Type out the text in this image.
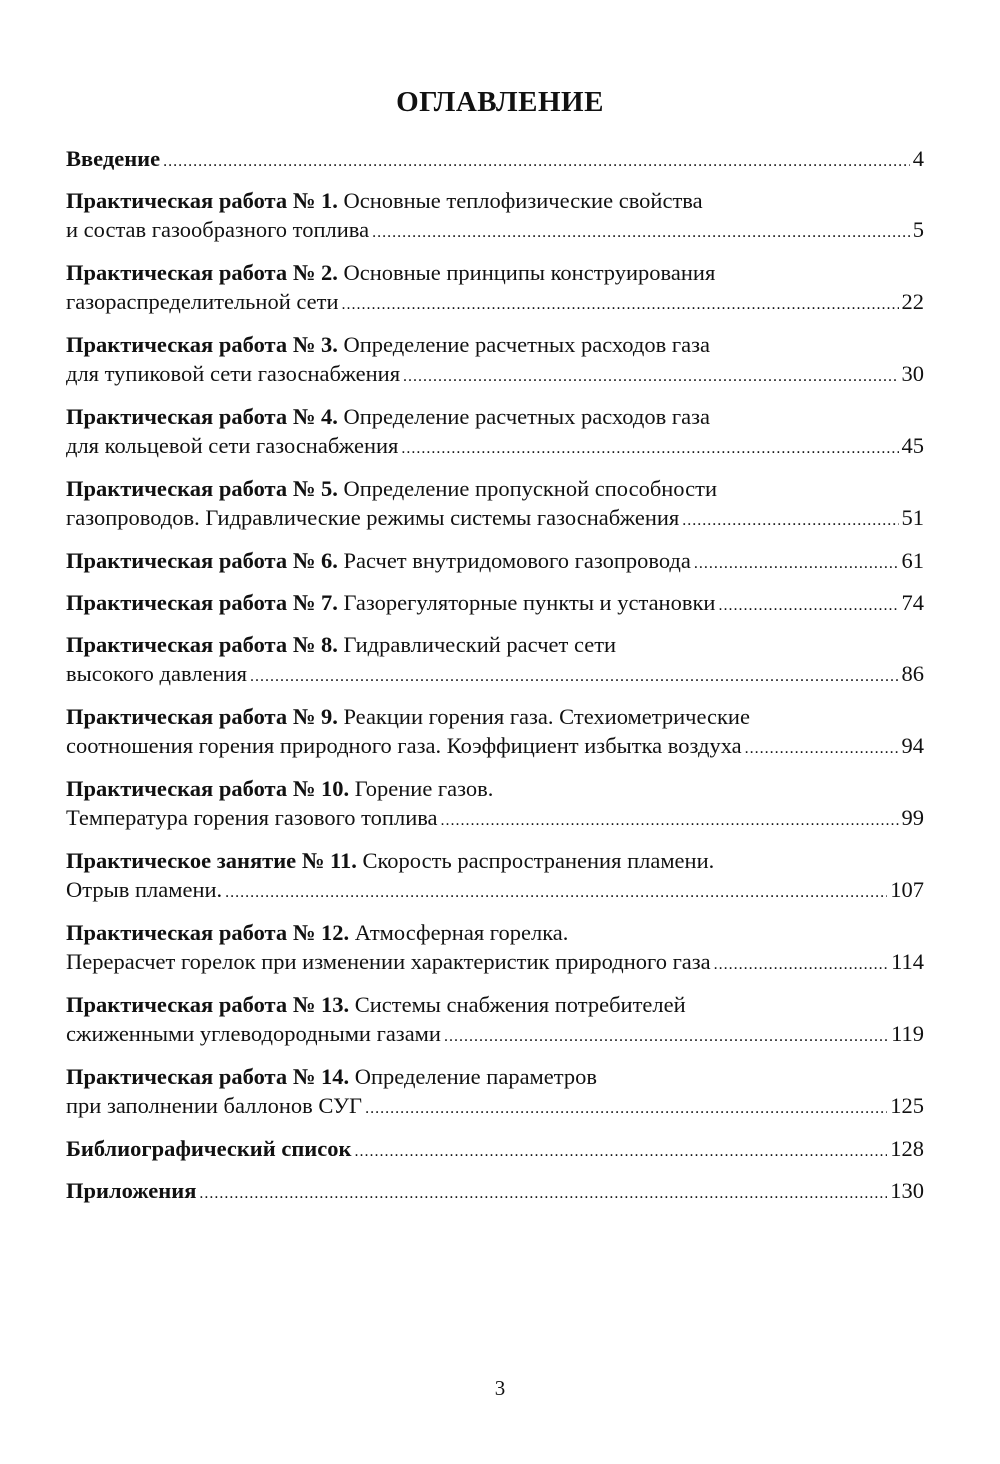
ОГЛАВЛЕНИЕ
Введение .....	4
Практическая работа № 1. Основные теплофизические свойства
и состав газообразного топлива .....	5
Практическая работа № 2. Основные принципы конструирования
газораспределительной сети .....	22
Практическая работа № 3. Определение расчетных расходов газа
для тупиковой сети газоснабжения .....	30
Практическая работа № 4. Определение расчетных расходов газа
для кольцевой сети газоснабжения .....	45
Практическая работа № 5. Определение пропускной способности
газопроводов. Гидравлические режимы системы газоснабжения .....	51
Практическая работа № 6. Расчет внутридомового газопровода .....	61
Практическая работа № 7. Газорегуляторные пункты и установки .....	74
Практическая работа № 8. Гидравлический расчет сети
высокого давления .....	86
Практическая работа № 9. Реакции горения газа. Стехиометрические
соотношения горения природного газа. Коэффициент избытка воздуха .....	94
Практическая работа № 10. Горение газов.
Температура горения газового топлива .....	99
Практическое занятие № 11. Скорость распространения пламени.
Отрыв пламени. .....	107
Практическая работа № 12. Атмосферная горелка.
Перерасчет горелок при изменении характеристик природного газа .....	114
Практическая работа № 13. Системы снабжения потребителей
сжиженными углеводородными газами .....	119
Практическая работа № 14. Определение параметров
при заполнении баллонов СУГ .....	125
Библиографический список .....	128
Приложения .....	130
3
